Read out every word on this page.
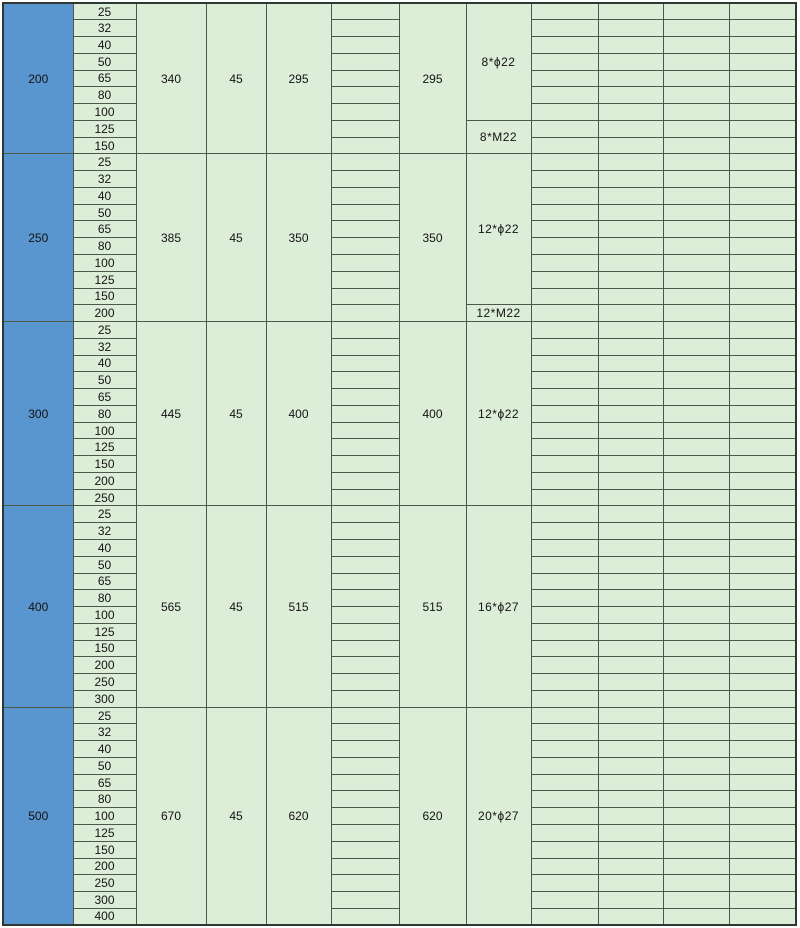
200	25	340	45	295		295	8*ϕ22				
	32										
	40										
	50										
	65										
	80										
	100										
	125						8*M22				
	150										
250	25	385	45	350		350	12*ϕ22				
	32										
	40										
	50										
	65										
	80										
	100										
	125										
	150										
	200						12*M22				
300	25	445	45	400		400	12*ϕ22				
	32										
	40										
	50										
	65										
	80										
	100										
	125										
	150										
	200										
	250										
400	25	565	45	515		515	16*ϕ27				
	32										
	40										
	50										
	65										
	80										
	100										
	125										
	150										
	200										
	250										
	300										
500	25	670	45	620		620	20*ϕ27				
	32										
	40										
	50										
	65										
	80										
	100										
	125										
	150										
	200										
	250										
	300										
	400										
